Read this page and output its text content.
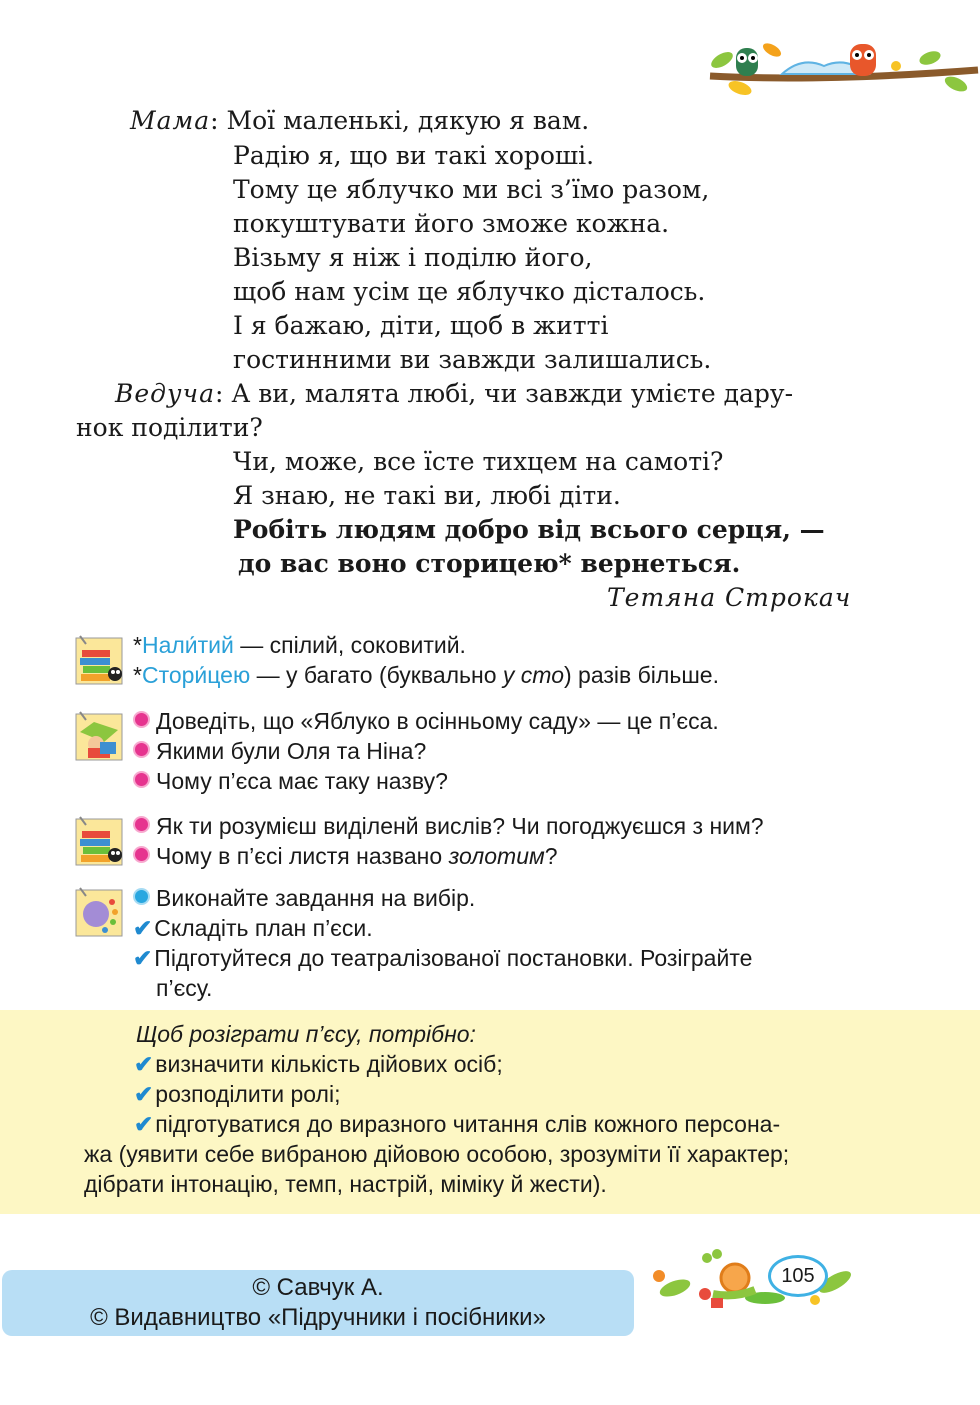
Мама: Мої маленькі, дякую я вам.
Радію я, що ви такі хороші.
Тому це яблучко ми всі з’їмо разом,
покуштувати його зможе кожна.
Візьму я ніж і поділю його,
щоб нам усім це яблучко дісталось.
І я бажаю, діти, щоб в житті
гостинними ви завжди залишались.
Ведуча: А ви, малята любі, чи завжди умієте дару-
нок поділити?
Чи, може, все їсте тихцем на самоті?
Я знаю, не такі ви, любі діти.
Робіть людям добро від всього серця, —
до вас воно сторицею* вернеться.
Тетяна Строкач
*Нали́тий — спілий, соковитий.
*Стори́цею — у багато (буквально у сто) разів більше.
Доведіть, що «Яблуко в осінньому саду» — це п’єса.
Якими були Оля та Ніна?
Чому п’єса має таку назву?
Як ти розумієш виділенй вислів? Чи погоджуєшся з ним?
Чому в п’єсі листя названо золотим?
Виконайте завдання на вибір.
✔Складіть план п’єси.
✔Підготуйтеся до театралізованої постановки. Розіграйте
п’єсу.
Щоб розіграти п’єсу, потрібно:
✔визначити кількість дійових осіб;
✔розподілити ролі;
✔підготуватися до виразного читання слів кожного персона-
жа (уявити себе вибраною дійовою особою, зрозуміти її характер;
дібрати інтонацію, темп, настрій, міміку й жести).
© Савчук А.
© Видавництво «Підручники і посібники»
105
